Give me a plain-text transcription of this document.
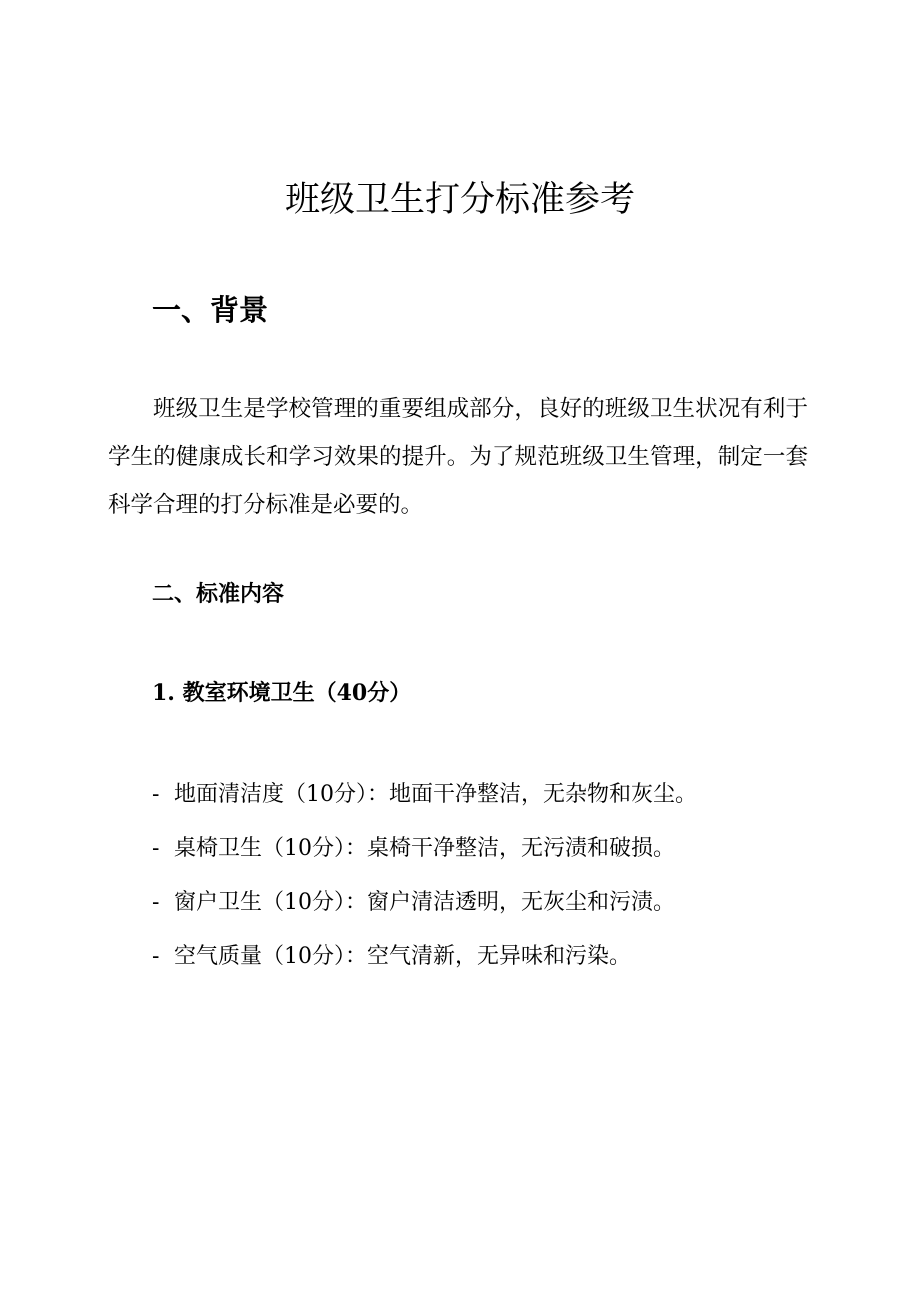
班级卫生打分标准参考
一、背景

班级卫生是学校管理的重要组成部分，良好的班级卫生状况有利于学生的健康成长和学习效果的提升。为了规范班级卫生管理，制定一套科学合理的打分标准是必要的。

二、标准内容
1. 教室环境卫生（40分）
- 地面清洁度（10分）：地面干净整洁，无杂物和灰尘。
- 桌椅卫生（10分）：桌椅干净整洁，无污渍和破损。
- 窗户卫生（10分）：窗户清洁透明，无灰尘和污渍。
- 空气质量（10分）：空气清新，无异味和污染。
